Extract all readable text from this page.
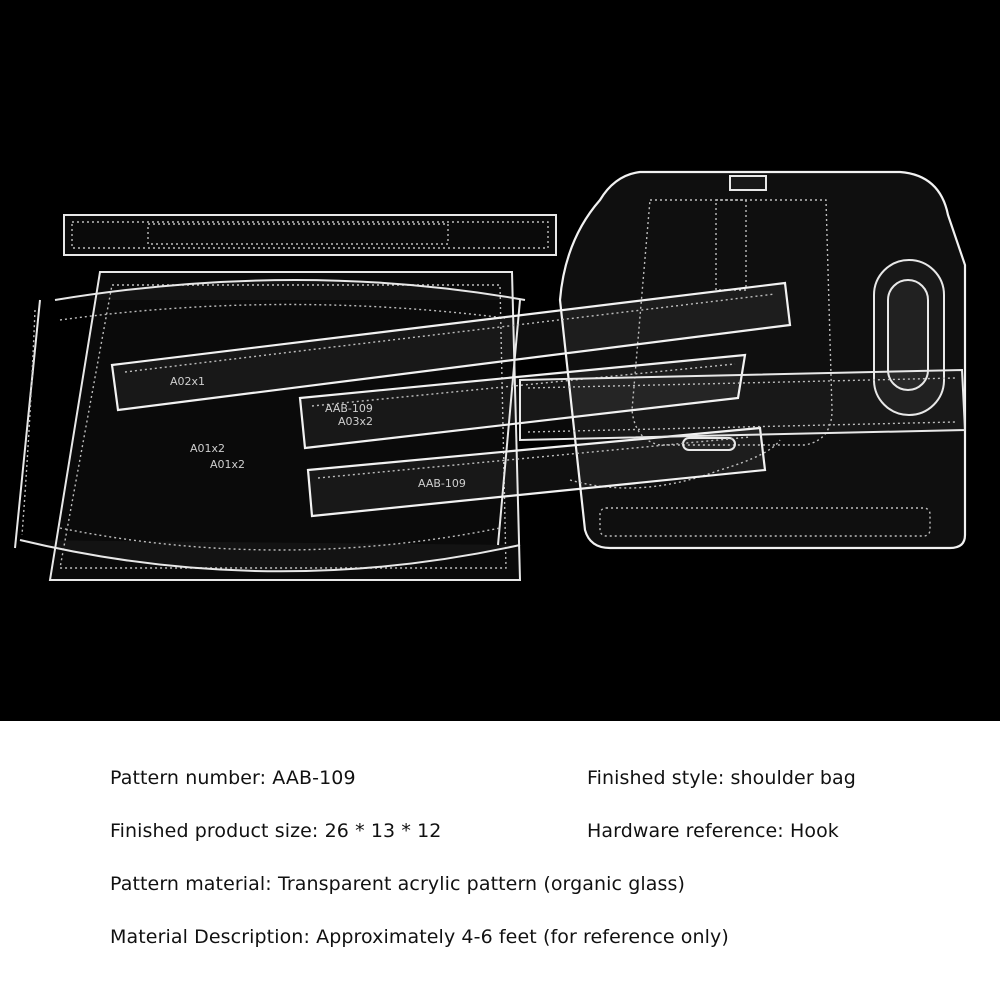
A01x2
A01x2
A02x1
AAB-109
A03x2
AAB-109
Pattern number: AAB-109	Finished style: shoulder bag
Finished product size: 26 * 13 * 12	Hardware reference: Hook
Pattern material: Transparent acrylic pattern (organic glass)
Material Description: Approximately 4-6 feet (for reference only)
